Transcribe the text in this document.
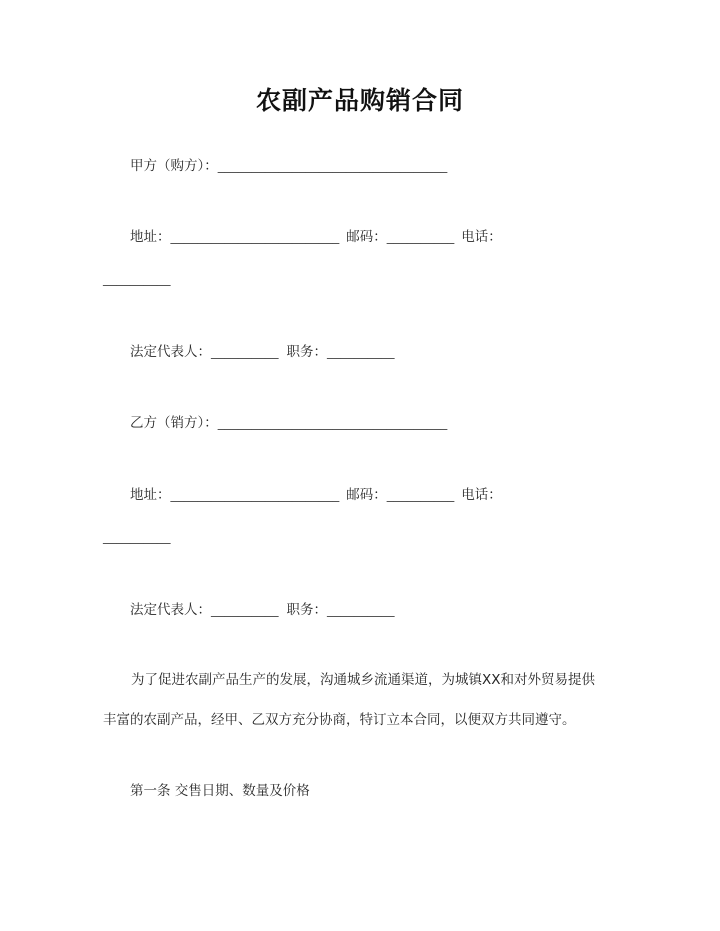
农副产品购销合同
甲方（购方）：__________________________________
地址：_________________________ 邮码：__________ 电话：
__________
法定代表人：__________ 职务：__________
乙方（销方）：__________________________________
地址：_________________________ 邮码：__________ 电话：
__________
法定代表人：__________ 职务：__________
为了促进农副产品生产的发展，沟通城乡流通渠道，为城镇XX和对外贸易提供
丰富的农副产品，经甲、乙双方充分协商，特订立本合同，以便双方共同遵守。
第一条 交售日期、数量及价格
